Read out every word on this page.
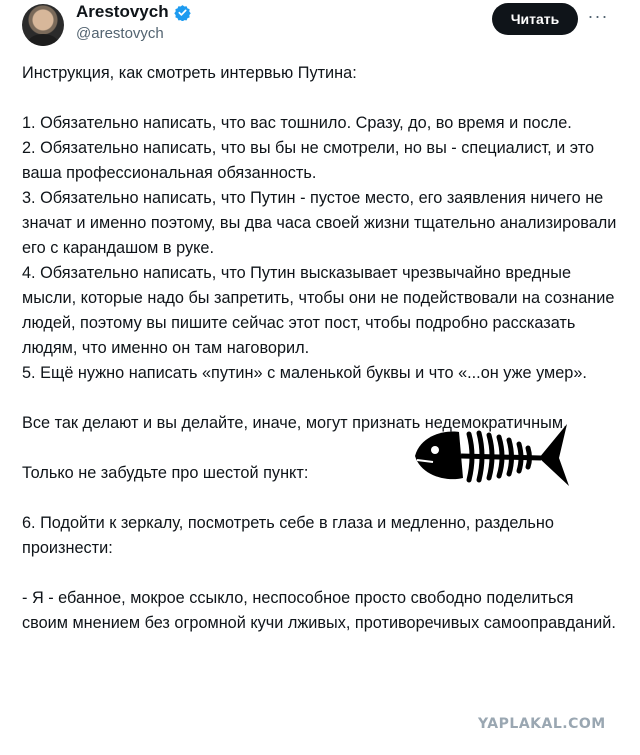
Arestovych
@arestovych
Читать	···

Инструкция, как смотреть интервью Путина:

1. Обязательно написать, что вас тошнило. Сразу, до, во время и после.

2. Обязательно написать, что вы бы не смотрели, но вы - специалист, и это ваша профессиональная обязанность.

3. Обязательно написать, что Путин - пустое место, его заявления ничего не значат и именно поэтому, вы два часа своей жизни тщательно анализировали его с карандашом в руке.

4. Обязательно написать, что Путин высказывает чрезвычайно вредные мысли, которые надо бы запретить, чтобы они не подействовали на сознание людей, поэтому вы пишите сейчас этот пост, чтобы подробно рассказать людям, что именно он там наговорил.

5. Ещё нужно написать «путин» с маленькой буквы и что «...он уже умер».

Все так делают и вы делайте, иначе, могут признать недемократичным.

Только не забудьте про шестой пункт:

6. Подойти к зеркалу, посмотреть себе в глаза и медленно, раздельно произнести:

- Я - ебанное, мокрое ссыкло, неспособное просто свободно поделиться своим мнением без огромной кучи лживых, противоречивых самооправданий.

YAPLAKAL.COM
